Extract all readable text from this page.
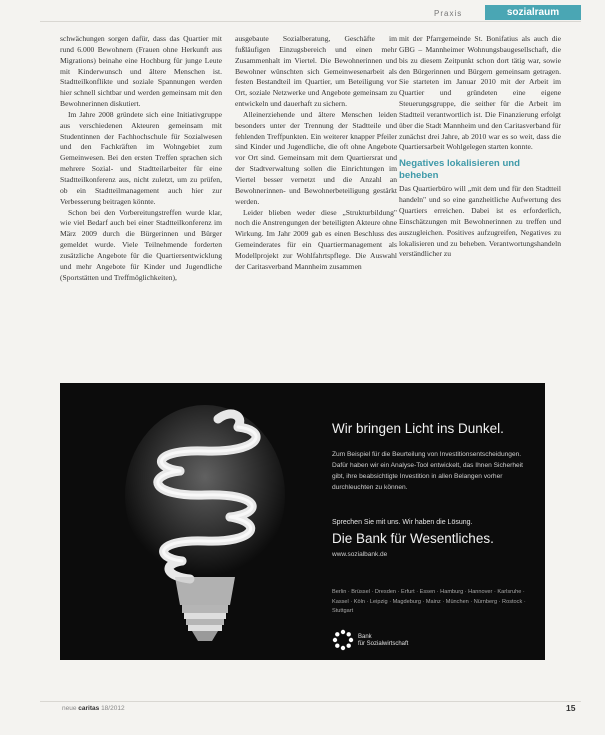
Praxis	sozialraum

schwächungen sorgen dafür, dass das Quartier mit rund 6.000 Bewohnern (Frauen ohne Herkunft aus Migrations) beinahe eine Hochburg für junge Leute mit Kinderwunsch und ältere Menschen ist. Stadtteilkonflikte und soziale Spannungen werden hier schnell sichtbar und werden gemeinsam mit den Bewohnerinnen diskutiert.

Im Jahre 2008 gründete sich eine Initiativgruppe aus verschiedenen Akteuren gemeinsam mit Studentinnen der Fachhochschule für Sozialwesen und den Fachkräften im Wohngebiet zum Gemeinwesen. Bei den ersten Treffen sprachen sich mehrere Sozial- und Stadtteilarbeiter für eine Stadtteilkonferenz aus, nicht zuletzt, um zu prüfen, ob ein Stadtteilmanagement auch hier zur Verbesserung beitragen könnte.

Schon bei den Vorbereitungstreffen wurde klar, wie viel Bedarf auch bei einer Stadtteilkonferenz im März 2009 durch die Bürgerinnen und Bürger gemeldet wurde. Viele Teilnehmende forderten zusätzliche Angebote für die Quartiersentwicklung und mehr Angebote für Kinder und Jugendliche (Sportstätten und Treffmöglichkeiten),

ausgebaute Sozialberatung, Geschäfte im fußläufigen Einzugsbereich und einen mehr Zusammenhalt im Viertel. Die Bewohnerinnen und Bewohner wünschten sich Gemeinwesenarbeit als festen Bestandteil im Quartier, um Beteiligung vor Ort, soziale Netzwerke und Angebote gemeinsam zu entwickeln und dauerhaft zu sichern.

Alleinerziehende und ältere Menschen leiden besonders unter der Trennung der Stadtteile und fehlenden Treffpunkten. Ein weiterer knapper Pfeiler sind Kinder und Jugendliche, die oft ohne Angebote vor Ort sind. Gemeinsam mit dem Quartiersrat und der Stadtverwaltung sollen die Einrichtungen im Viertel besser vernetzt und die Anzahl an Bewohnerinnen- und Bewohnerbeteiligung gestärkt werden.

Leider blieben weder diese „Strukturbildung" noch die Anstrengungen der beteiligten Akteure ohne Wirkung. Im Jahr 2009 gab es einen Beschluss des Gemeinderates für ein Quartiermanagement als Modellprojekt zur Wohlfahrtspflege. Die Auswahl der Caritasverband Mannheim zusammen

mit der Pfarrgemeinde St. Bonifatius als auch die GBG – Mannheimer Wohnungsbaugesellschaft, die bis zu diesem Zeitpunkt schon dort tätig war, sowie den Bürgerinnen und Bürgern gemeinsam getragen. Sie starteten im Januar 2010 mit der Arbeit im Quartier und gründeten eine eigene Steuerungsgruppe, die seither für die Arbeit im Stadtteil verantwortlich ist. Die Finanzierung erfolgt über die Stadt Mannheim und den Caritasverband für zunächst drei Jahre, ab 2010 war es so weit, dass die Quartiersarbeit Wohlgelegen starten konnte.

Negatives lokalisieren und beheben

Das Quartierbüro will „mit dem und für den Stadtteil handeln" und so eine ganzheitliche Aufwertung des Quartiers erreichen. Dabei ist es erforderlich, Einschätzungen mit Bewohnerinnen zu treffen und auszugleichen. Positives aufzugreifen, Negatives zu lokalisieren und zu beheben. Verantwortungshandeln verständlicher zu

Wir bringen Licht ins Dunkel.
Zum Beispiel für die Beurteilung von Investitionsentscheidungen. Dafür haben wir ein Analyse-Tool entwickelt, das Ihnen Sicherheit gibt, ihre beabsichtigte Investition in allen Belangen vorher durchleuchten zu können.
Sprechen Sie mit uns. Wir haben die Lösung.
Die Bank für Wesentliches.
www.sozialbank.de
Berlin · Brüssel · Dresden · Erfurt · Essen · Hamburg · Hannover · Karlsruhe · Kassel · Köln · Leipzig · Magdeburg · Mainz · München · Nürnberg · Rostock · Stuttgart
Bank
für Sozialwirtschaft
neue caritas 18/2012	15
